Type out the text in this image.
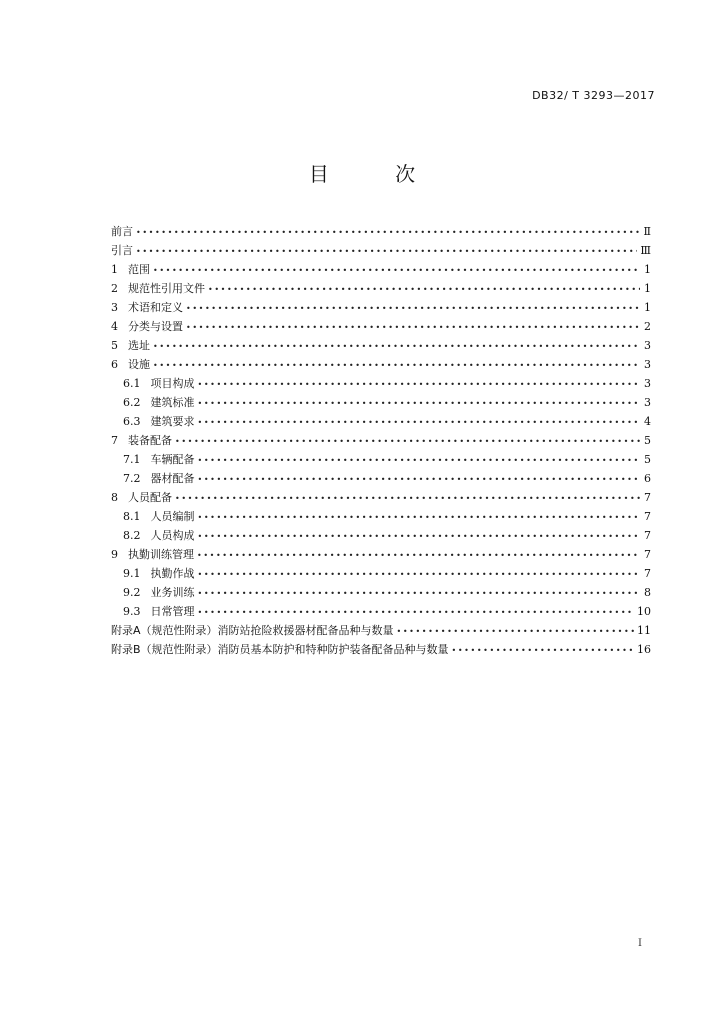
DB32/ T 3293—2017
目 次
前言 •••••	Ⅱ
引言 •••••	Ⅲ
1 范围 •••••	1
2 规范性引用文件 •••••	1
3 术语和定义 •••••	1
4 分类与设置 •••••	2
5 选址 •••••	3
6 设施 •••••	3
6.1 项目构成 •••••	3
6.2 建筑标准 •••••	3
6.3 建筑要求 •••••	4
7 装备配备 •••••	5
7.1 车辆配备 •••••	5
7.2 器材配备 •••••	6
8 人员配备 •••••	7
8.1 人员编制 •••••	7
8.2 人员构成 •••••	7
9 执勤训练管理 •••••	7
9.1 执勤作战 •••••	7
9.2 业务训练 •••••	8
9.3 日常管理 •••••	10
附录A（规范性附录）消防站抢险救援器材配备品种与数量 •••••	11
附录B（规范性附录）消防员基本防护和特种防护装备配备品种与数量 •••••	16
I
